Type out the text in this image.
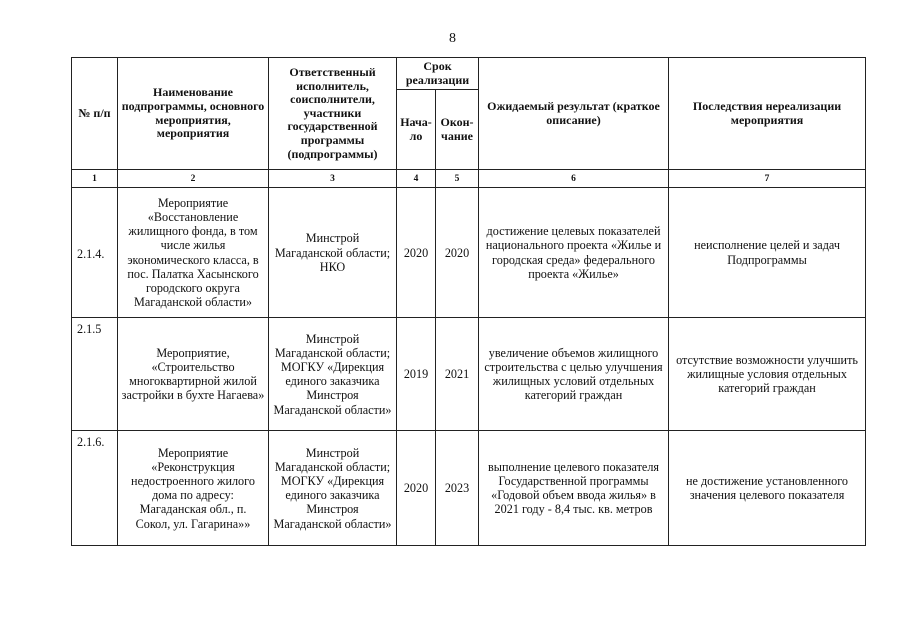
8
№ п/п	Наименование подпрограммы, основного мероприятия, мероприятия	Ответственный исполнитель, соисполнители, участники государственной программы (подпрограммы)	Срок реализации		Ожидаемый результат (краткое описание)	Последствия нереализации мероприятия
			Нача-ло	Окон-чание		
1	2	3	4	5	6	7
2.1.4.	Мероприятие «Восстановление жилищного фонда, в том числе жилья экономического класса, в пос. Палатка Хасынского городского округа Магаданской области»	Минстрой Магаданской области; НКО	2020	2020	достижение целевых показателей национального проекта «Жилье и городская среда» федерального проекта «Жилье»	неисполнение целей и задач Подпрограммы
2.1.5	Мероприятие, «Строительство многоквартирной жилой застройки в бухте Нагаева»	Минстрой Магаданской области; МОГКУ «Дирекция единого заказчика Минстроя Магаданской области»	2019	2021	увеличение объемов жилищного строительства с целью улучшения жилищных условий отдельных категорий граждан	отсутствие возможности улучшить жилищные условия отдельных категорий граждан
2.1.6.	Мероприятие «Реконструкция недостроенного жилого дома по адресу: Магаданская обл., п. Сокол, ул. Гагарина»»	Минстрой Магаданской области; МОГКУ «Дирекция единого заказчика Минстроя Магаданской области»	2020	2023	выполнение целевого показателя Государственной программы «Годовой объем ввода жилья» в 2021 году - 8,4 тыс. кв. метров	не достижение установленного значения целевого показателя
